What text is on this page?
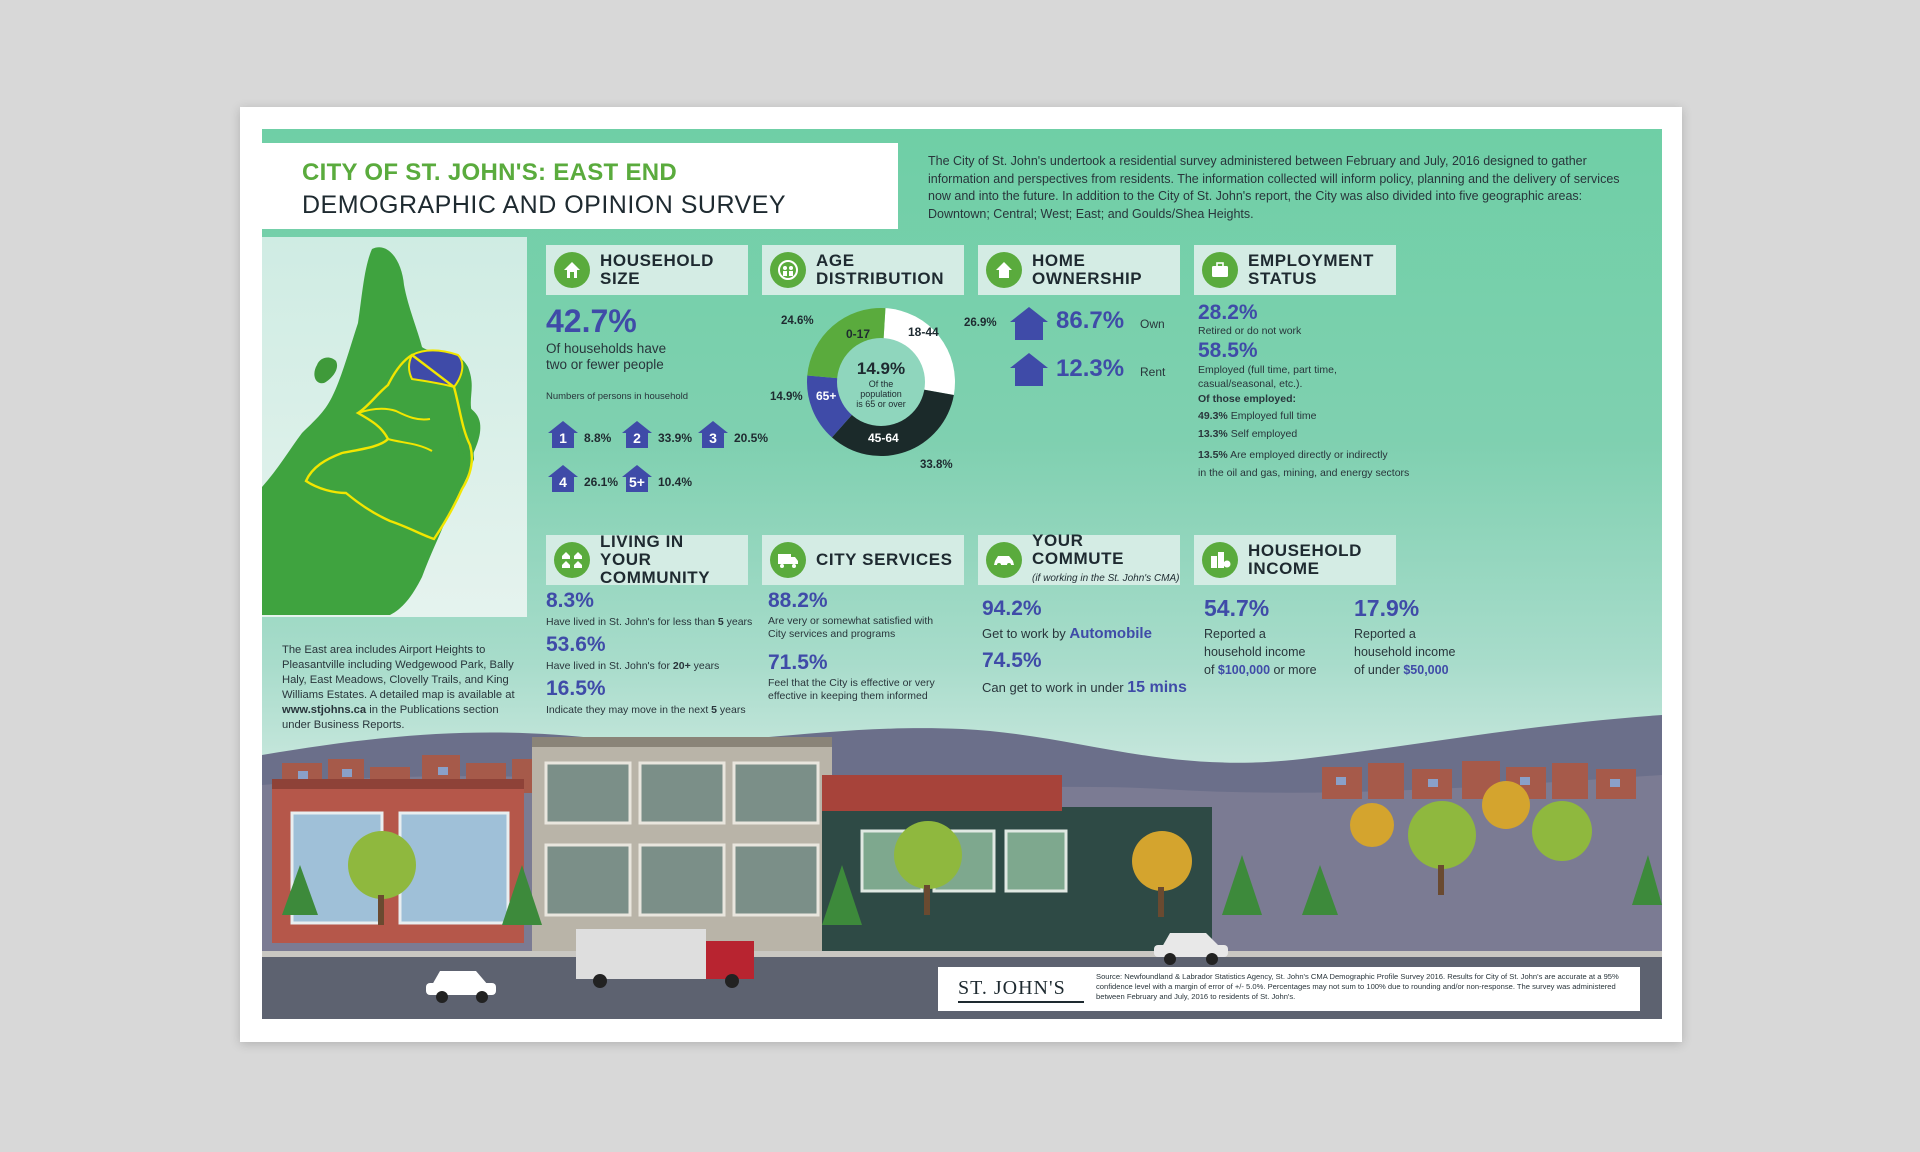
CITY OF ST. JOHN'S: EAST END
DEMOGRAPHIC AND OPINION SURVEY
The City of St. John's undertook a residential survey administered between February and July, 2016 designed to gather information and perspectives from residents. The information collected will inform policy, planning and the delivery of services now and into the future. In addition to the City of St. John's report, the City was also divided into five geographic areas: Downtown; Central; West; East; and Goulds/Shea Heights.
The East area includes Airport Heights to Pleasantville including Wedgewood Park, Bally Haly, East Meadows, Clovelly Trails, and King Williams Estates. A detailed map is available at www.stjohns.ca in the Publications section under Business Reports.
HOUSEHOLD SIZE
42.7%
Of households have
two or fewer people
Numbers of persons in household
1	8.8%	2	33.9%	3	20.5%
4	26.1% 5+	10.4%
AGE DISTRIBUTION
14.9%
Of the
population
is 65 or over
24.6%	26.9%
33.8%
14.9%
0-17	18-44
45-64
65+
HOME OWNERSHIP
86.7% Own
12.3% Rent
EMPLOYMENT
STATUS
28.2%
Retired or do not work
58.5%
Employed (full time, part time,
casual/seasonal, etc.).
Of those employed:
49.3% Employed full time
13.3% Self employed
13.5% Are employed directly or indirectly
in the oil and gas, mining, and energy sectors
LIVING IN
YOUR COMMUNITY
8.3%
Have lived in St. John's for less than 5 years
53.6%
Have lived in St. John's for 20+ years
16.5%
Indicate they may move in the next 5 years
CITY SERVICES
88.2%
Are very or somewhat satisfied with
City services and programs
71.5%
Feel that the City is effective or very
effective in keeping them informed
YOUR COMMUTE
(if working in the St. John's CMA)
94.2%
Get to work by Automobile
74.5%
Can get to work in under 15 mins
HOUSEHOLD
INCOME
54.7%
Reported a
household income
of $100,000 or more
17.9%
Reported a
household income
of under $50,000
ST. JOHN'S
Source: Newfoundland & Labrador Statistics Agency, St. John's CMA Demographic Profile Survey 2016. Results for City of St. John's are accurate at a 95% confidence level with a margin of error of +/- 5.0%. Percentages may not sum to 100% due to rounding and/or non-response. The survey was administered between February and July, 2016 to residents of St. John's.
